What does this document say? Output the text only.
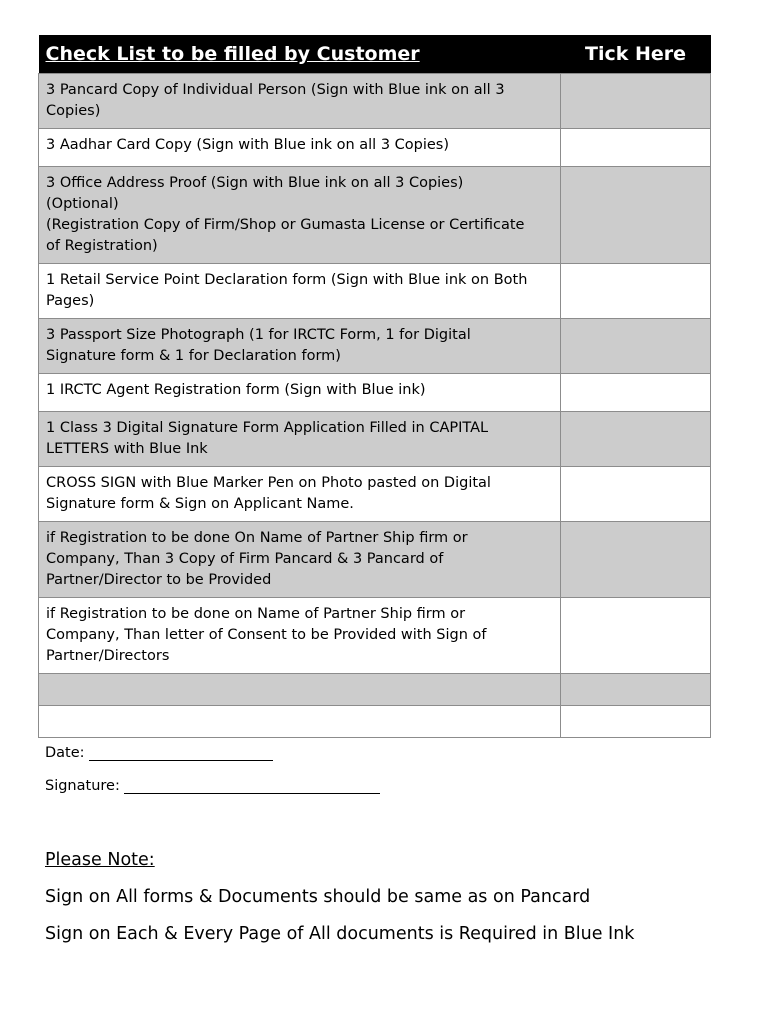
Check List to be filled by Customer	Tick Here

3 Pancard Copy of Individual Person (Sign with Blue ink on all 3
Copies)	

3 Aadhar Card Copy (Sign with Blue ink on all 3 Copies)	

3 Office Address Proof (Sign with Blue ink on all 3 Copies)
(Optional)
(Registration Copy of Firm/Shop or Gumasta License or Certificate
of Registration)	

1 Retail Service Point Declaration form (Sign with Blue ink on Both
Pages)	

3 Passport Size Photograph (1 for IRCTC Form, 1 for Digital
Signature form & 1 for Declaration form)	

1 IRCTC Agent Registration form (Sign with Blue ink)	

1 Class 3 Digital Signature Form Application Filled in CAPITAL
LETTERS with Blue Ink	

CROSS SIGN with Blue Marker Pen on Photo pasted on Digital
Signature form & Sign on Applicant Name.	

if Registration to be done On Name of Partner Ship firm or
Company, Than 3 Copy of Firm Pancard & 3 Pancard of
Partner/Director to be Provided	

if Registration to be done on Name of Partner Ship firm or
Company, Than letter of Consent to be Provided with Sign of
Partner/Directors	

Date:
Signature:
Please Note:
Sign on All forms & Documents should be same as on Pancard
Sign on Each & Every Page of All documents is Required in Blue Ink
